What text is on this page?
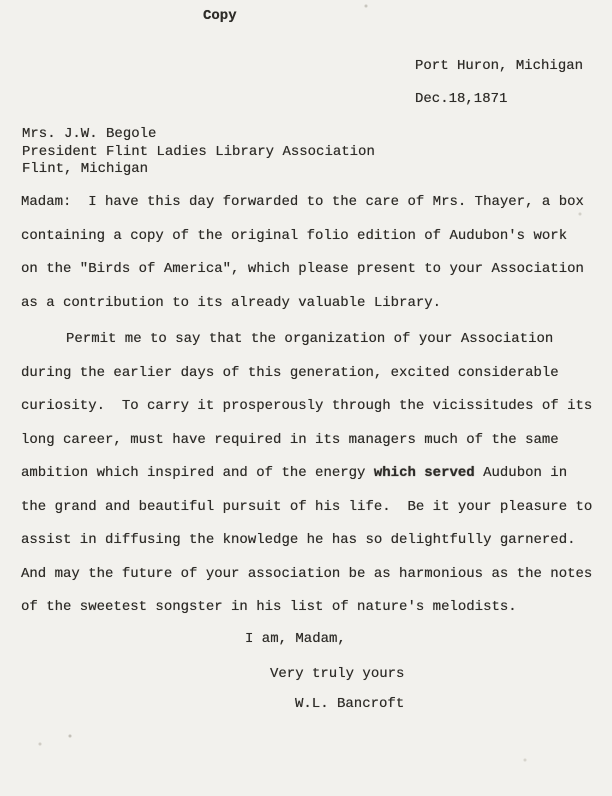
Copy
Port Huron, Michigan
Dec.18,1871
Mrs. J.W. Begole
President Flint Ladies Library Association
Flint, Michigan
Madam:  I have this day forwarded to the care of Mrs. Thayer, a box
containing a copy of the original folio edition of Audubon's work
on the "Birds of America", which please present to your Association
as a contribution to its already valuable Library.
Permit me to say that the organization of your Association
during the earlier days of this generation, excited considerable
curiosity.  To carry it prosperously through the vicissitudes of its
long career, must have required in its managers much of the same
ambition which inspired and of the energy which served Audubon in
the grand and beautiful pursuit of his life.  Be it your pleasure to
assist in diffusing the knowledge he has so delightfully garnered.
And may the future of your association be as harmonious as the notes
of the sweetest songster in his list of nature's melodists.
I am, Madam,
Very truly yours
W.L. Bancroft
